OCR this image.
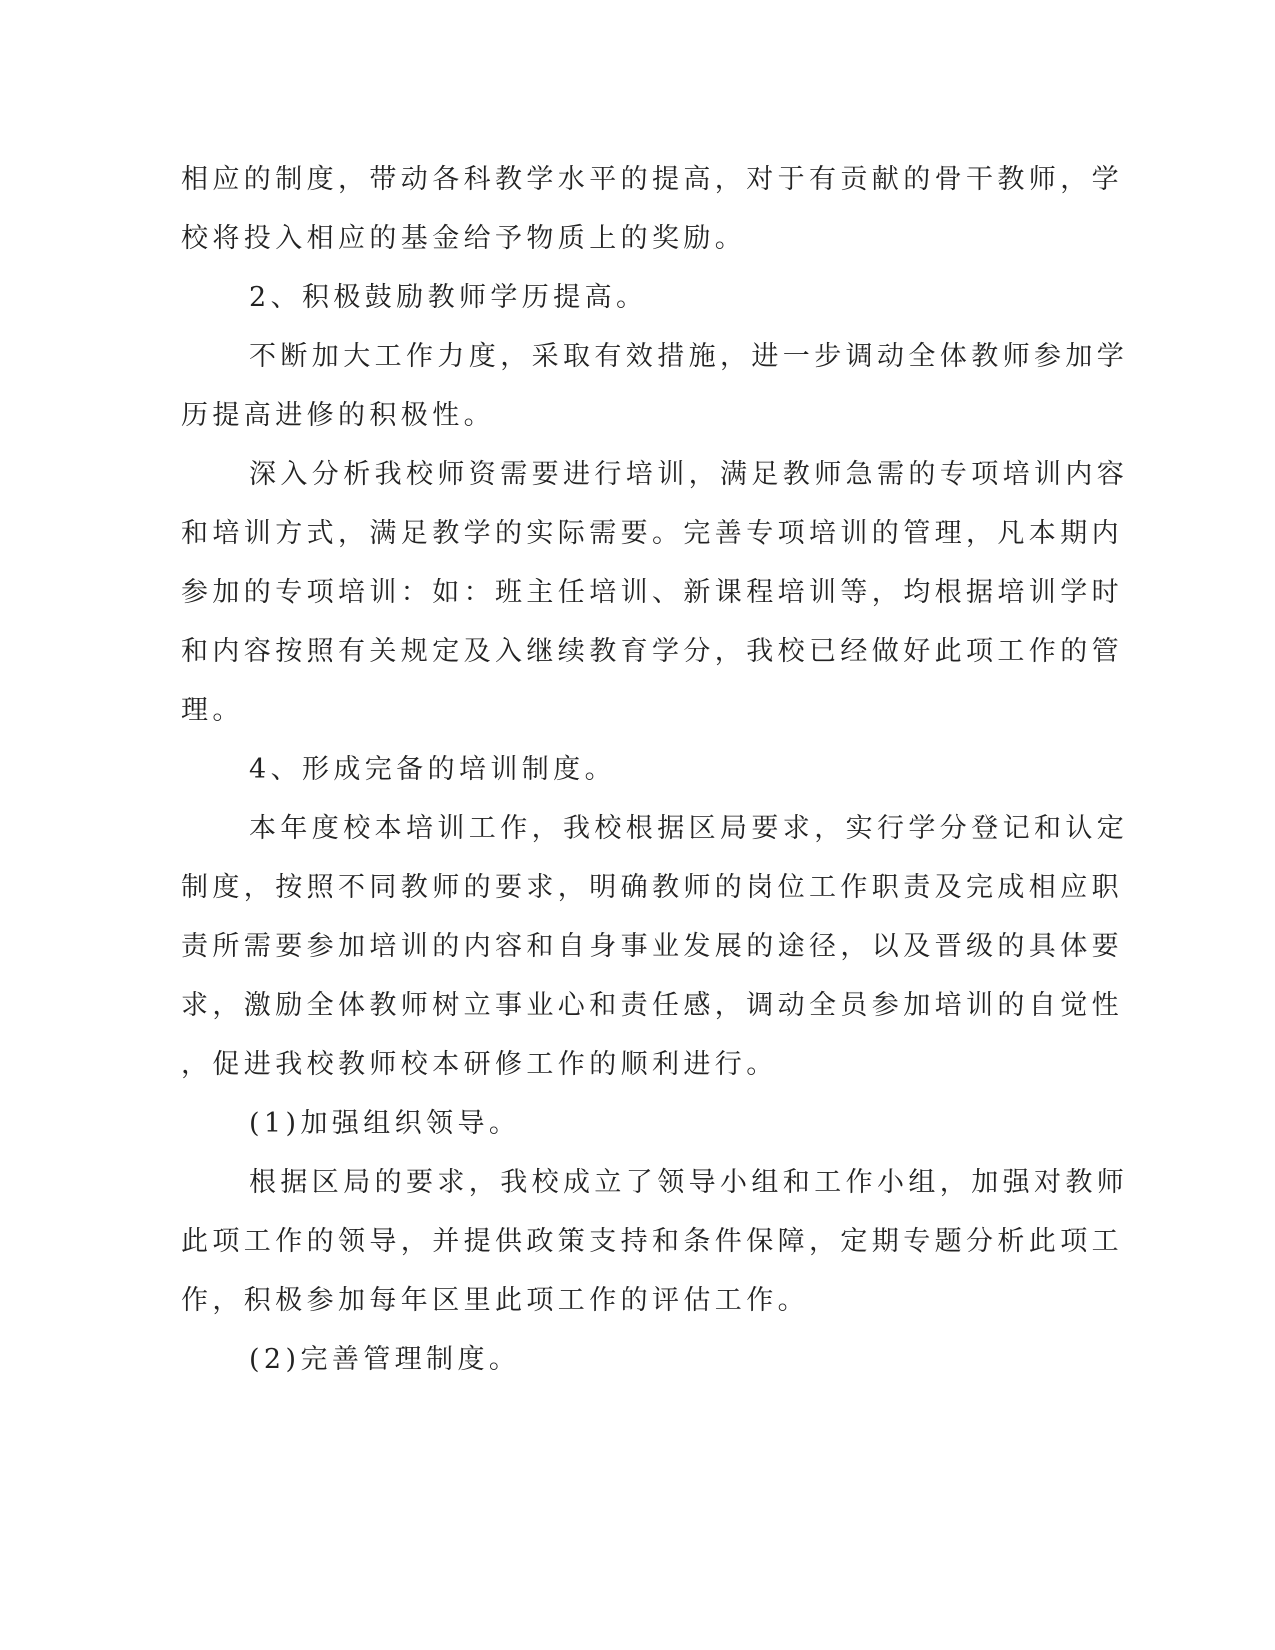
相应的制度，带动各科教学水平的提高，对于有贡献的骨干教师，学
校将投入相应的基金给予物质上的奖励。
2、积极鼓励教师学历提高。
不断加大工作力度，采取有效措施，进一步调动全体教师参加学
历提高进修的积极性。
深入分析我校师资需要进行培训，满足教师急需的专项培训内容
和培训方式，满足教学的实际需要。完善专项培训的管理，凡本期内
参加的专项培训：如：班主任培训、新课程培训等，均根据培训学时
和内容按照有关规定及入继续教育学分，我校已经做好此项工作的管
理。
4、形成完备的培训制度。
本年度校本培训工作，我校根据区局要求，实行学分登记和认定
制度，按照不同教师的要求，明确教师的岗位工作职责及完成相应职
责所需要参加培训的内容和自身事业发展的途径，以及晋级的具体要
求，激励全体教师树立事业心和责任感，调动全员参加培训的自觉性
，促进我校教师校本研修工作的顺利进行。
(1)加强组织领导。
根据区局的要求，我校成立了领导小组和工作小组，加强对教师
此项工作的领导，并提供政策支持和条件保障，定期专题分析此项工
作，积极参加每年区里此项工作的评估工作。
(2)完善管理制度。
